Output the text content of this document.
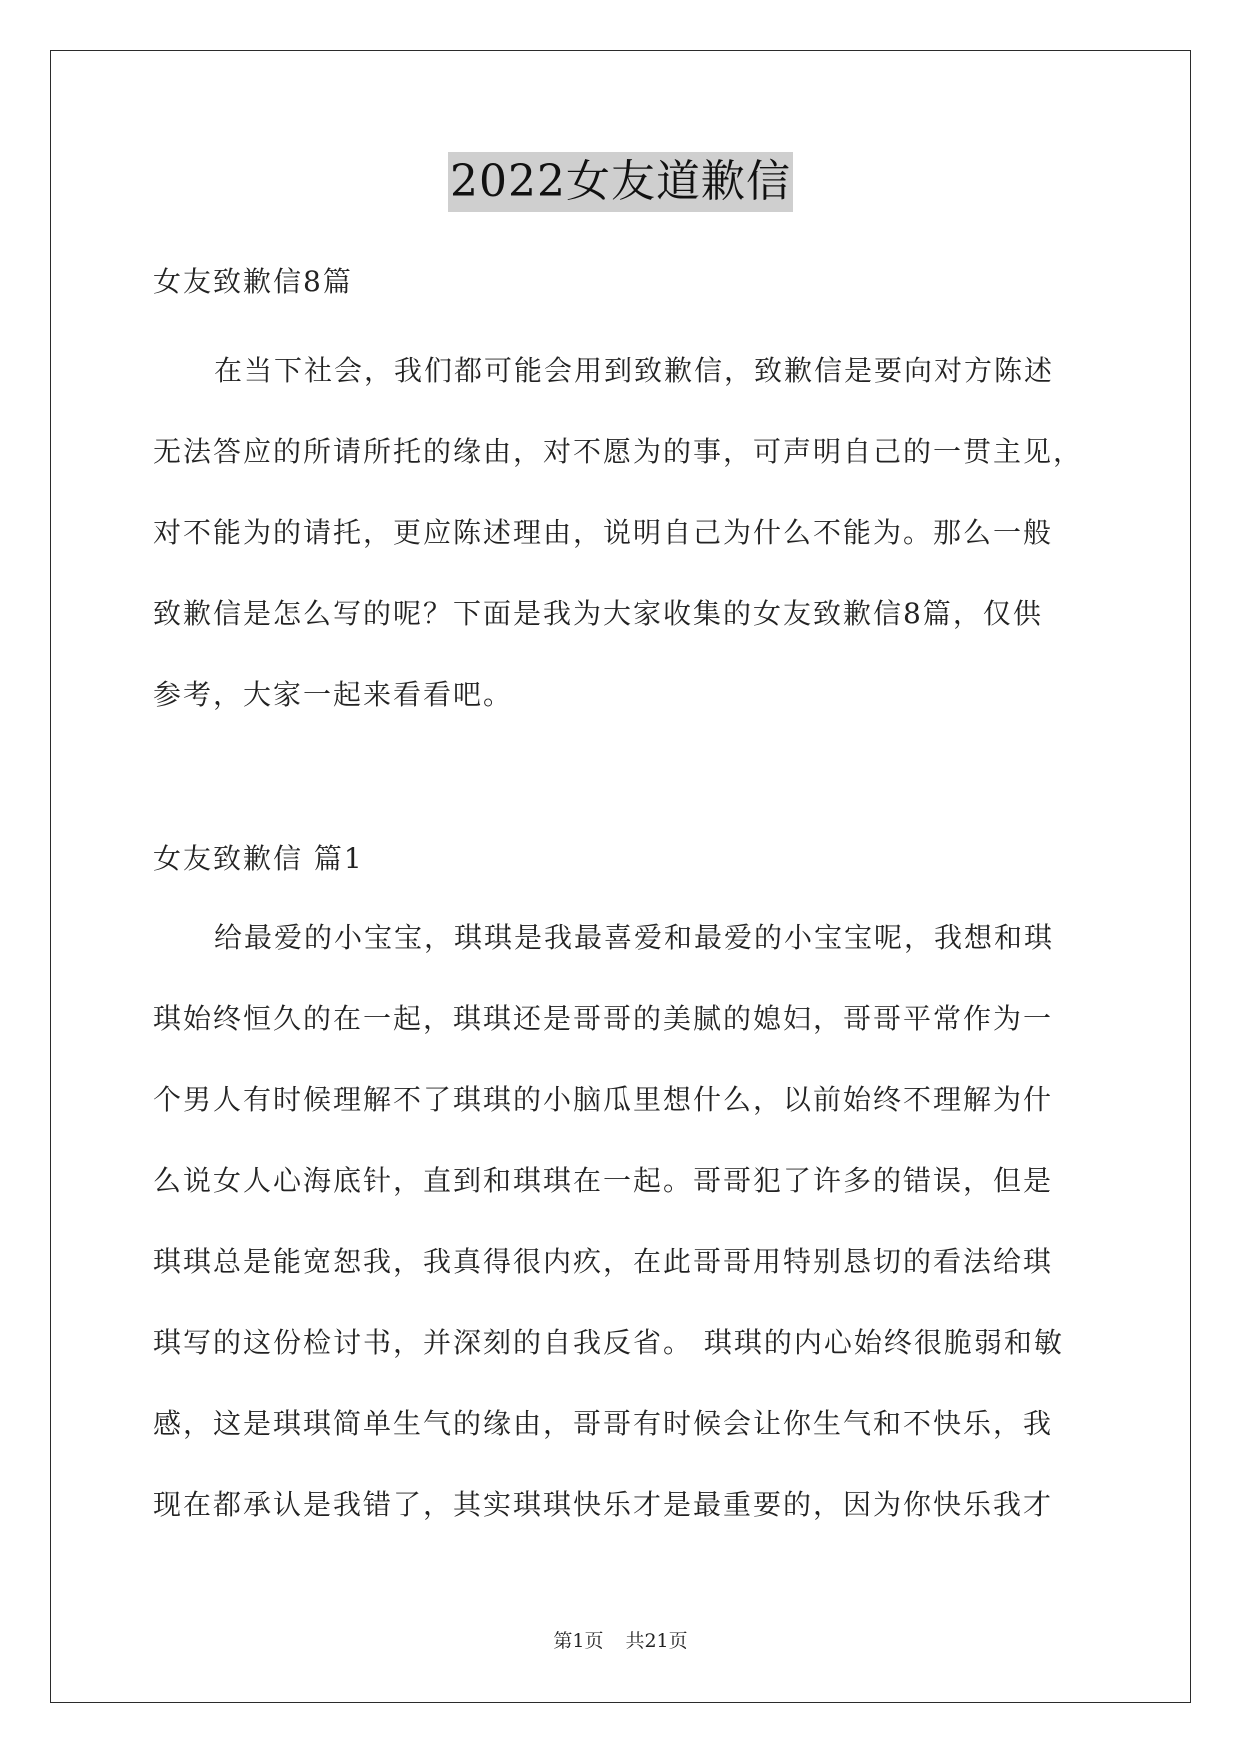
2022女友道歉信

女友致歉信8篇

在当下社会，我们都可能会用到致歉信，致歉信是要向对方陈述
无法答应的所请所托的缘由，对不愿为的事，可声明自己的一贯主见，
对不能为的请托，更应陈述理由，说明自己为什么不能为。那么一般
致歉信是怎么写的呢？下面是我为大家收集的女友致歉信8篇，仅供
参考，大家一起来看看吧。

女友致歉信 篇1

给最爱的小宝宝，琪琪是我最喜爱和最爱的小宝宝呢，我想和琪
琪始终恒久的在一起，琪琪还是哥哥的美腻的媳妇，哥哥平常作为一
个男人有时候理解不了琪琪的小脑瓜里想什么，以前始终不理解为什
么说女人心海底针，直到和琪琪在一起。哥哥犯了许多的错误，但是
琪琪总是能宽恕我，我真得很内疚，在此哥哥用特别恳切的看法给琪
琪写的这份检讨书，并深刻的自我反省。 琪琪的内心始终很脆弱和敏
感，这是琪琪简单生气的缘由，哥哥有时候会让你生气和不快乐，我
现在都承认是我错了，其实琪琪快乐才是最重要的，因为你快乐我才

第1页 共21页
